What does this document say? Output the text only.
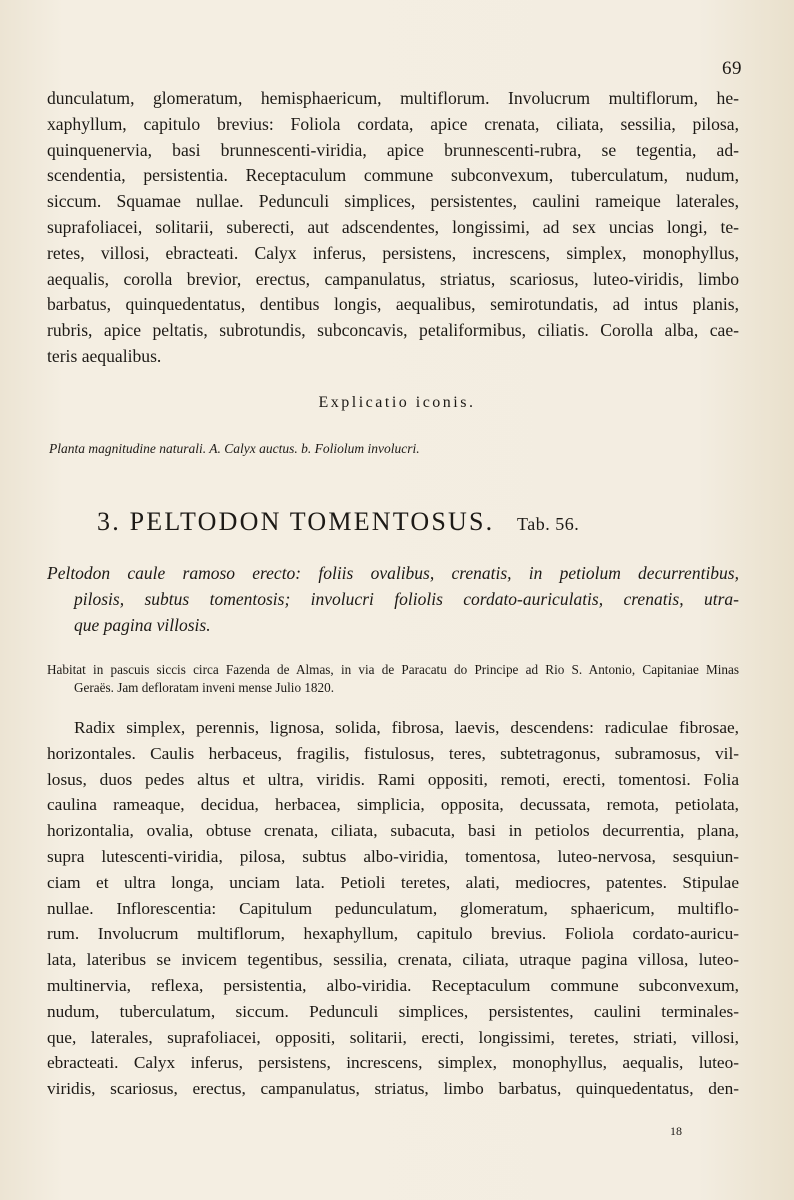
69
dunculatum, glomeratum, hemisphaericum, multiflorum. Involucrum multiflorum, he-
xaphyllum, capitulo brevius: Foliola cordata, apice crenata, ciliata, sessilia, pilosa,
quinquenervia, basi brunnescenti-viridia, apice brunnescenti-rubra, se tegentia, ad-
scendentia, persistentia. Receptaculum commune subconvexum, tuberculatum, nudum,
siccum. Squamae nullae. Pedunculi simplices, persistentes, caulini rameique laterales,
suprafoliacei, solitarii, suberecti, aut adscendentes, longissimi, ad sex uncias longi, te-
retes, villosi, ebracteati. Calyx inferus, persistens, increscens, simplex, monophyllus,
aequalis, corolla brevior, erectus, campanulatus, striatus, scariosus, luteo-viridis, limbo
barbatus, quinquedentatus, dentibus longis, aequalibus, semirotundatis, ad intus planis,
rubris, apice peltatis, subrotundis, subconcavis, petaliformibus, ciliatis. Corolla alba, cae-
teris aequalibus.
Explicatio iconis.
Planta magnitudine naturali. A. Calyx auctus. b. Foliolum involucri.
3. PELTODON TOMENTOSUS. Tab. 56.
Peltodon caule ramoso erecto: foliis ovalibus, crenatis, in petiolum decurrentibus,
pilosis, subtus tomentosis; involucri foliolis cordato-auriculatis, crenatis, utra-
que pagina villosis.
Habitat in pascuis siccis circa Fazenda de Almas, in via de Paracatu do Principe ad Rio S. Antonio, Capitaniae Minas
Geraës. Jam defloratam inveni mense Julio 1820.
Radix simplex, perennis, lignosa, solida, fibrosa, laevis, descendens: radiculae fibrosae,
horizontales. Caulis herbaceus, fragilis, fistulosus, teres, subtetragonus, subramosus, vil-
losus, duos pedes altus et ultra, viridis. Rami oppositi, remoti, erecti, tomentosi. Folia
caulina rameaque, decidua, herbacea, simplicia, opposita, decussata, remota, petiolata,
horizontalia, ovalia, obtuse crenata, ciliata, subacuta, basi in petiolos decurrentia, plana,
supra lutescenti-viridia, pilosa, subtus albo-viridia, tomentosa, luteo-nervosa, sesquiun-
ciam et ultra longa, unciam lata. Petioli teretes, alati, mediocres, patentes. Stipulae
nullae. Inflorescentia: Capitulum pedunculatum, glomeratum, sphaericum, multiflo-
rum. Involucrum multiflorum, hexaphyllum, capitulo brevius. Foliola cordato-auricu-
lata, lateribus se invicem tegentibus, sessilia, crenata, ciliata, utraque pagina villosa, luteo-
multinervia, reflexa, persistentia, albo-viridia. Receptaculum commune subconvexum,
nudum, tuberculatum, siccum. Pedunculi simplices, persistentes, caulini terminales-
que, laterales, suprafoliacei, oppositi, solitarii, erecti, longissimi, teretes, striati, villosi,
ebracteati. Calyx inferus, persistens, increscens, simplex, monophyllus, aequalis, luteo-
viridis, scariosus, erectus, campanulatus, striatus, limbo barbatus, quinquedentatus, den-
18
